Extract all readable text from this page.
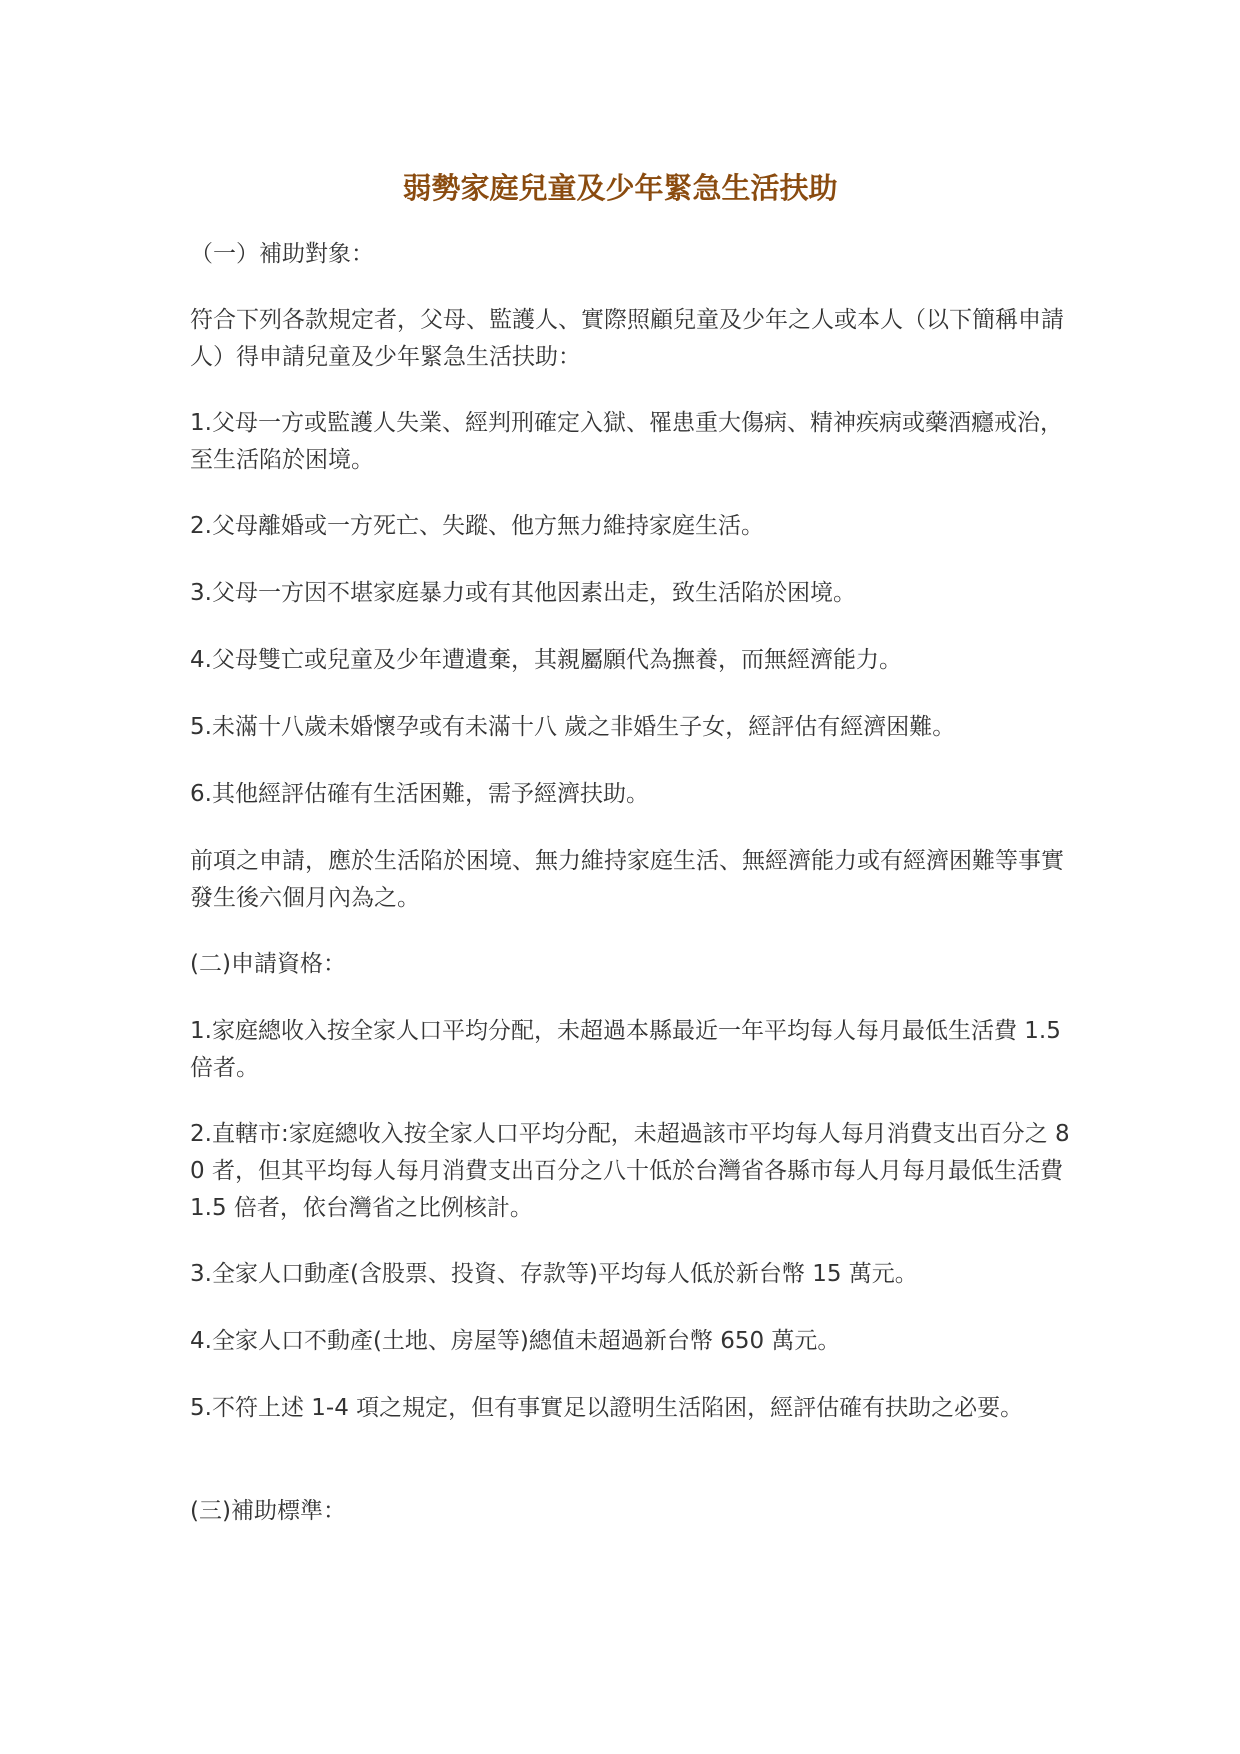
弱勢家庭兒童及少年緊急生活扶助

（一）補助對象：

符合下列各款規定者，父母、監護人、實際照顧兒童及少年之人或本人（以下簡稱申請人）得申請兒童及少年緊急生活扶助：

1.父母一方或監護人失業、經判刑確定入獄、罹患重大傷病、精神疾病或藥酒癮戒治，至生活陷於困境。

2.父母離婚或一方死亡、失蹤、他方無力維持家庭生活。

3.父母一方因不堪家庭暴力或有其他因素出走，致生活陷於困境。

4.父母雙亡或兒童及少年遭遺棄，其親屬願代為撫養，而無經濟能力。

5.未滿十八歲未婚懷孕或有未滿十八 歲之非婚生子女，經評估有經濟困難。

6.其他經評估確有生活困難，需予經濟扶助。

前項之申請，應於生活陷於困境、無力維持家庭生活、無經濟能力或有經濟困難等事實發生後六個月內為之。

(二)申請資格：

1.家庭總收入按全家人口平均分配，未超過本縣最近一年平均每人每月最低生活費 1.5 倍者。

2.直轄市:家庭總收入按全家人口平均分配，未超過該市平均每人每月消費支出百分之 80 者，但其平均每人每月消費支出百分之八十低於台灣省各縣市每人月每月最低生活費 1.5 倍者，依台灣省之比例核計。

3.全家人口動產(含股票、投資、存款等)平均每人低於新台幣 15 萬元。

4.全家人口不動產(土地、房屋等)總值未超過新台幣 650 萬元。

5.不符上述 1-4 項之規定，但有事實足以證明生活陷困，經評估確有扶助之必要。

(三)補助標準：
